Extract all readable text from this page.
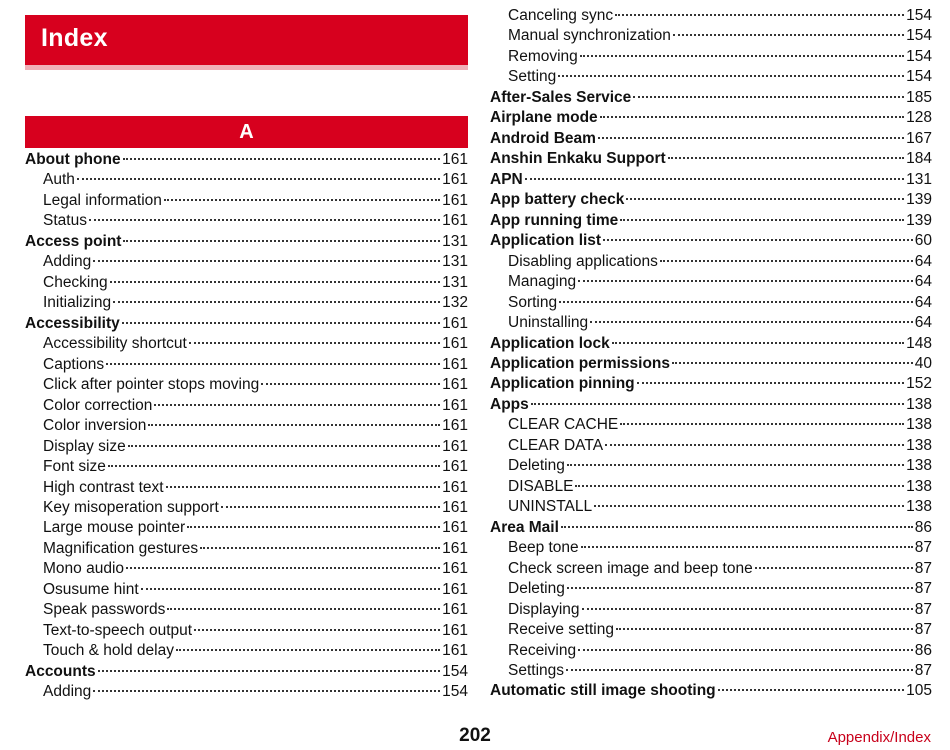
Index
A
About phone	161
Auth	161
Legal information	161
Status	161
Access point	131
Adding	131
Checking	131
Initializing	132
Accessibility	161
Accessibility shortcut	161
Captions	161
Click after pointer stops moving	161
Color correction	161
Color inversion	161
Display size	161
Font size	161
High contrast text	161
Key misoperation support	161
Large mouse pointer	161
Magnification gestures	161
Mono audio	161
Osusume hint	161
Speak passwords	161
Text-to-speech output	161
Touch & hold delay	161
Accounts	154
Adding	154
Canceling sync	154
Manual synchronization	154
Removing	154
Setting	154
After-Sales Service	185
Airplane mode	128
Android Beam	167
Anshin Enkaku Support	184
APN	131
App battery check	139
App running time	139
Application list	60
Disabling applications	64
Managing	64
Sorting	64
Uninstalling	64
Application lock	148
Application permissions	40
Application pinning	152
Apps	138
CLEAR CACHE	138
CLEAR DATA	138
Deleting	138
DISABLE	138
UNINSTALL	138
Area Mail	86
Beep tone	87
Check screen image and beep tone	87
Deleting	87
Displaying	87
Receive setting	87
Receiving	86
Settings	87
Automatic still image shooting	105
202	Appendix/Index
